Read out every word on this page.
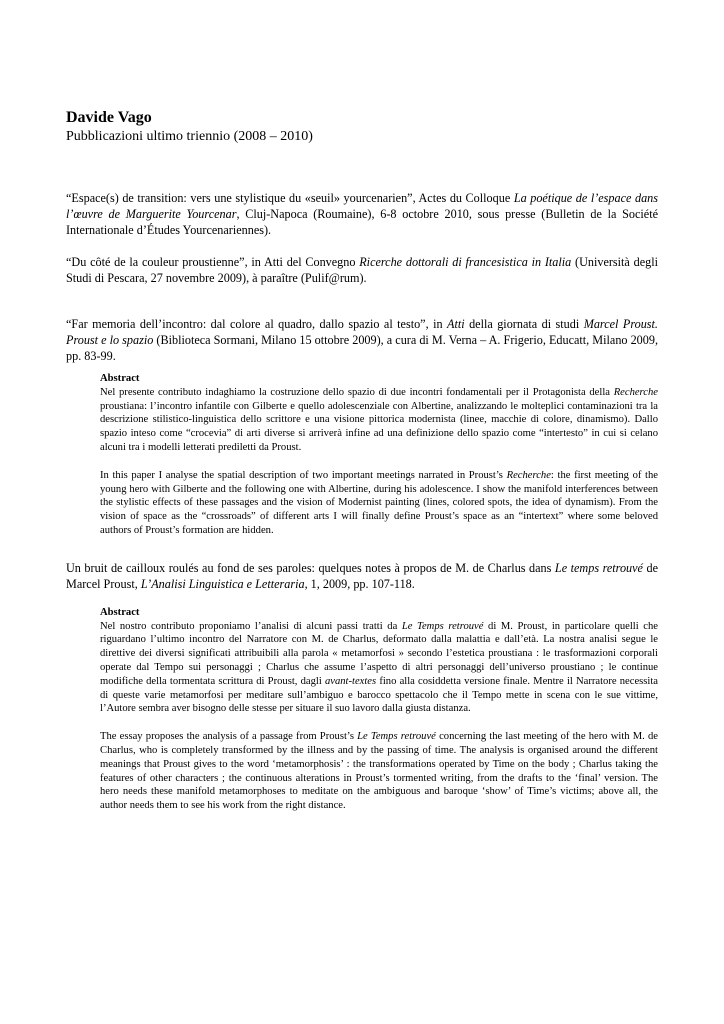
Davide Vago

Pubblicazioni ultimo triennio (2008 – 2010)

“Espace(s) de transition: vers une stylistique du «seuil» yourcenarien”, Actes du Colloque La poétique de l’espace dans l’œuvre de Marguerite Yourcenar, Cluj-Napoca (Roumaine), 6-8 octobre 2010, sous presse (Bulletin de la Société Internationale d’Études Yourcenariennes).

“Du côté de la couleur proustienne”, in Atti del Convegno Ricerche dottorali di francesistica in Italia (Università degli Studi di Pescara, 27 novembre 2009), à paraître (Pulif@rum).

“Far memoria dell’incontro: dal colore al quadro, dallo spazio al testo”, in Atti della giornata di studi Marcel Proust. Proust e lo spazio (Biblioteca Sormani, Milano 15 ottobre 2009), a cura di M. Verna – A. Frigerio, Educatt, Milano 2009, pp. 83-99.

Abstract

Nel presente contributo indaghiamo la costruzione dello spazio di due incontri fondamentali per il Protagonista della Recherche proustiana: l’incontro infantile con Gilberte e quello adolescenziale con Albertine, analizzando le molteplici contaminazioni tra la descrizione stilistico-linguistica dello scrittore e una visione pittorica modernista (linee, macchie di colore, dinamismo). Dallo spazio inteso come “crocevia” di arti diverse si arriverà infine ad una definizione dello spazio come “intertesto” in cui si celano alcuni tra i modelli letterati prediletti da Proust.

In this paper I analyse the spatial description of two important meetings narrated in Proust’s Recherche: the first meeting of the young hero with Gilberte and the following one with Albertine, during his adolescence. I show the manifold interferences between the stylistic effects of these passages and the vision of Modernist painting (lines, colored spots, the idea of dynamism). From the vision of space as the “crossroads” of different arts I will finally define Proust’s space as an “intertext” where some beloved authors of Proust’s formation are hidden.

Un bruit de cailloux roulés au fond de ses paroles: quelques notes à propos de M. de Charlus dans Le temps retrouvé de Marcel Proust, L’Analisi Linguistica e Letteraria, 1, 2009, pp. 107-118.

Abstract

Nel nostro contributo proponiamo l’analisi di alcuni passi tratti da Le Temps retrouvé di M. Proust, in particolare quelli che riguardano l’ultimo incontro del Narratore con M. de Charlus, deformato dalla malattia e dall’età. La nostra analisi segue le direttive dei diversi significati attribuibili alla parola « metamorfosi » secondo l’estetica proustiana : le trasformazioni corporali operate dal Tempo sui personaggi ; Charlus che assume l’aspetto di altri personaggi dell’universo proustiano ; le continue modifiche della tormentata scrittura di Proust, dagli avant-textes fino alla cosiddetta versione finale. Mentre il Narratore necessita di queste varie metamorfosi per meditare sull’ambiguo e barocco spettacolo che il Tempo mette in scena con le sue vittime, l’Autore sembra aver bisogno delle stesse per situare il suo lavoro dalla giusta distanza.

The essay proposes the analysis of a passage from Proust’s Le Temps retrouvé concerning the last meeting of the hero with M. de Charlus, who is completely transformed by the illness and by the passing of time. The analysis is organised around the different meanings that Proust gives to the word ‘metamorphosis’ : the transformations operated by Time on the body ; Charlus taking the features of other characters ; the continuous alterations in Proust’s tormented writing, from the drafts to the ‘final’ version. The hero needs these manifold metamorphoses to meditate on the ambiguous and baroque ‘show’ of Time’s victims; above all, the author needs them to see his work from the right distance.
